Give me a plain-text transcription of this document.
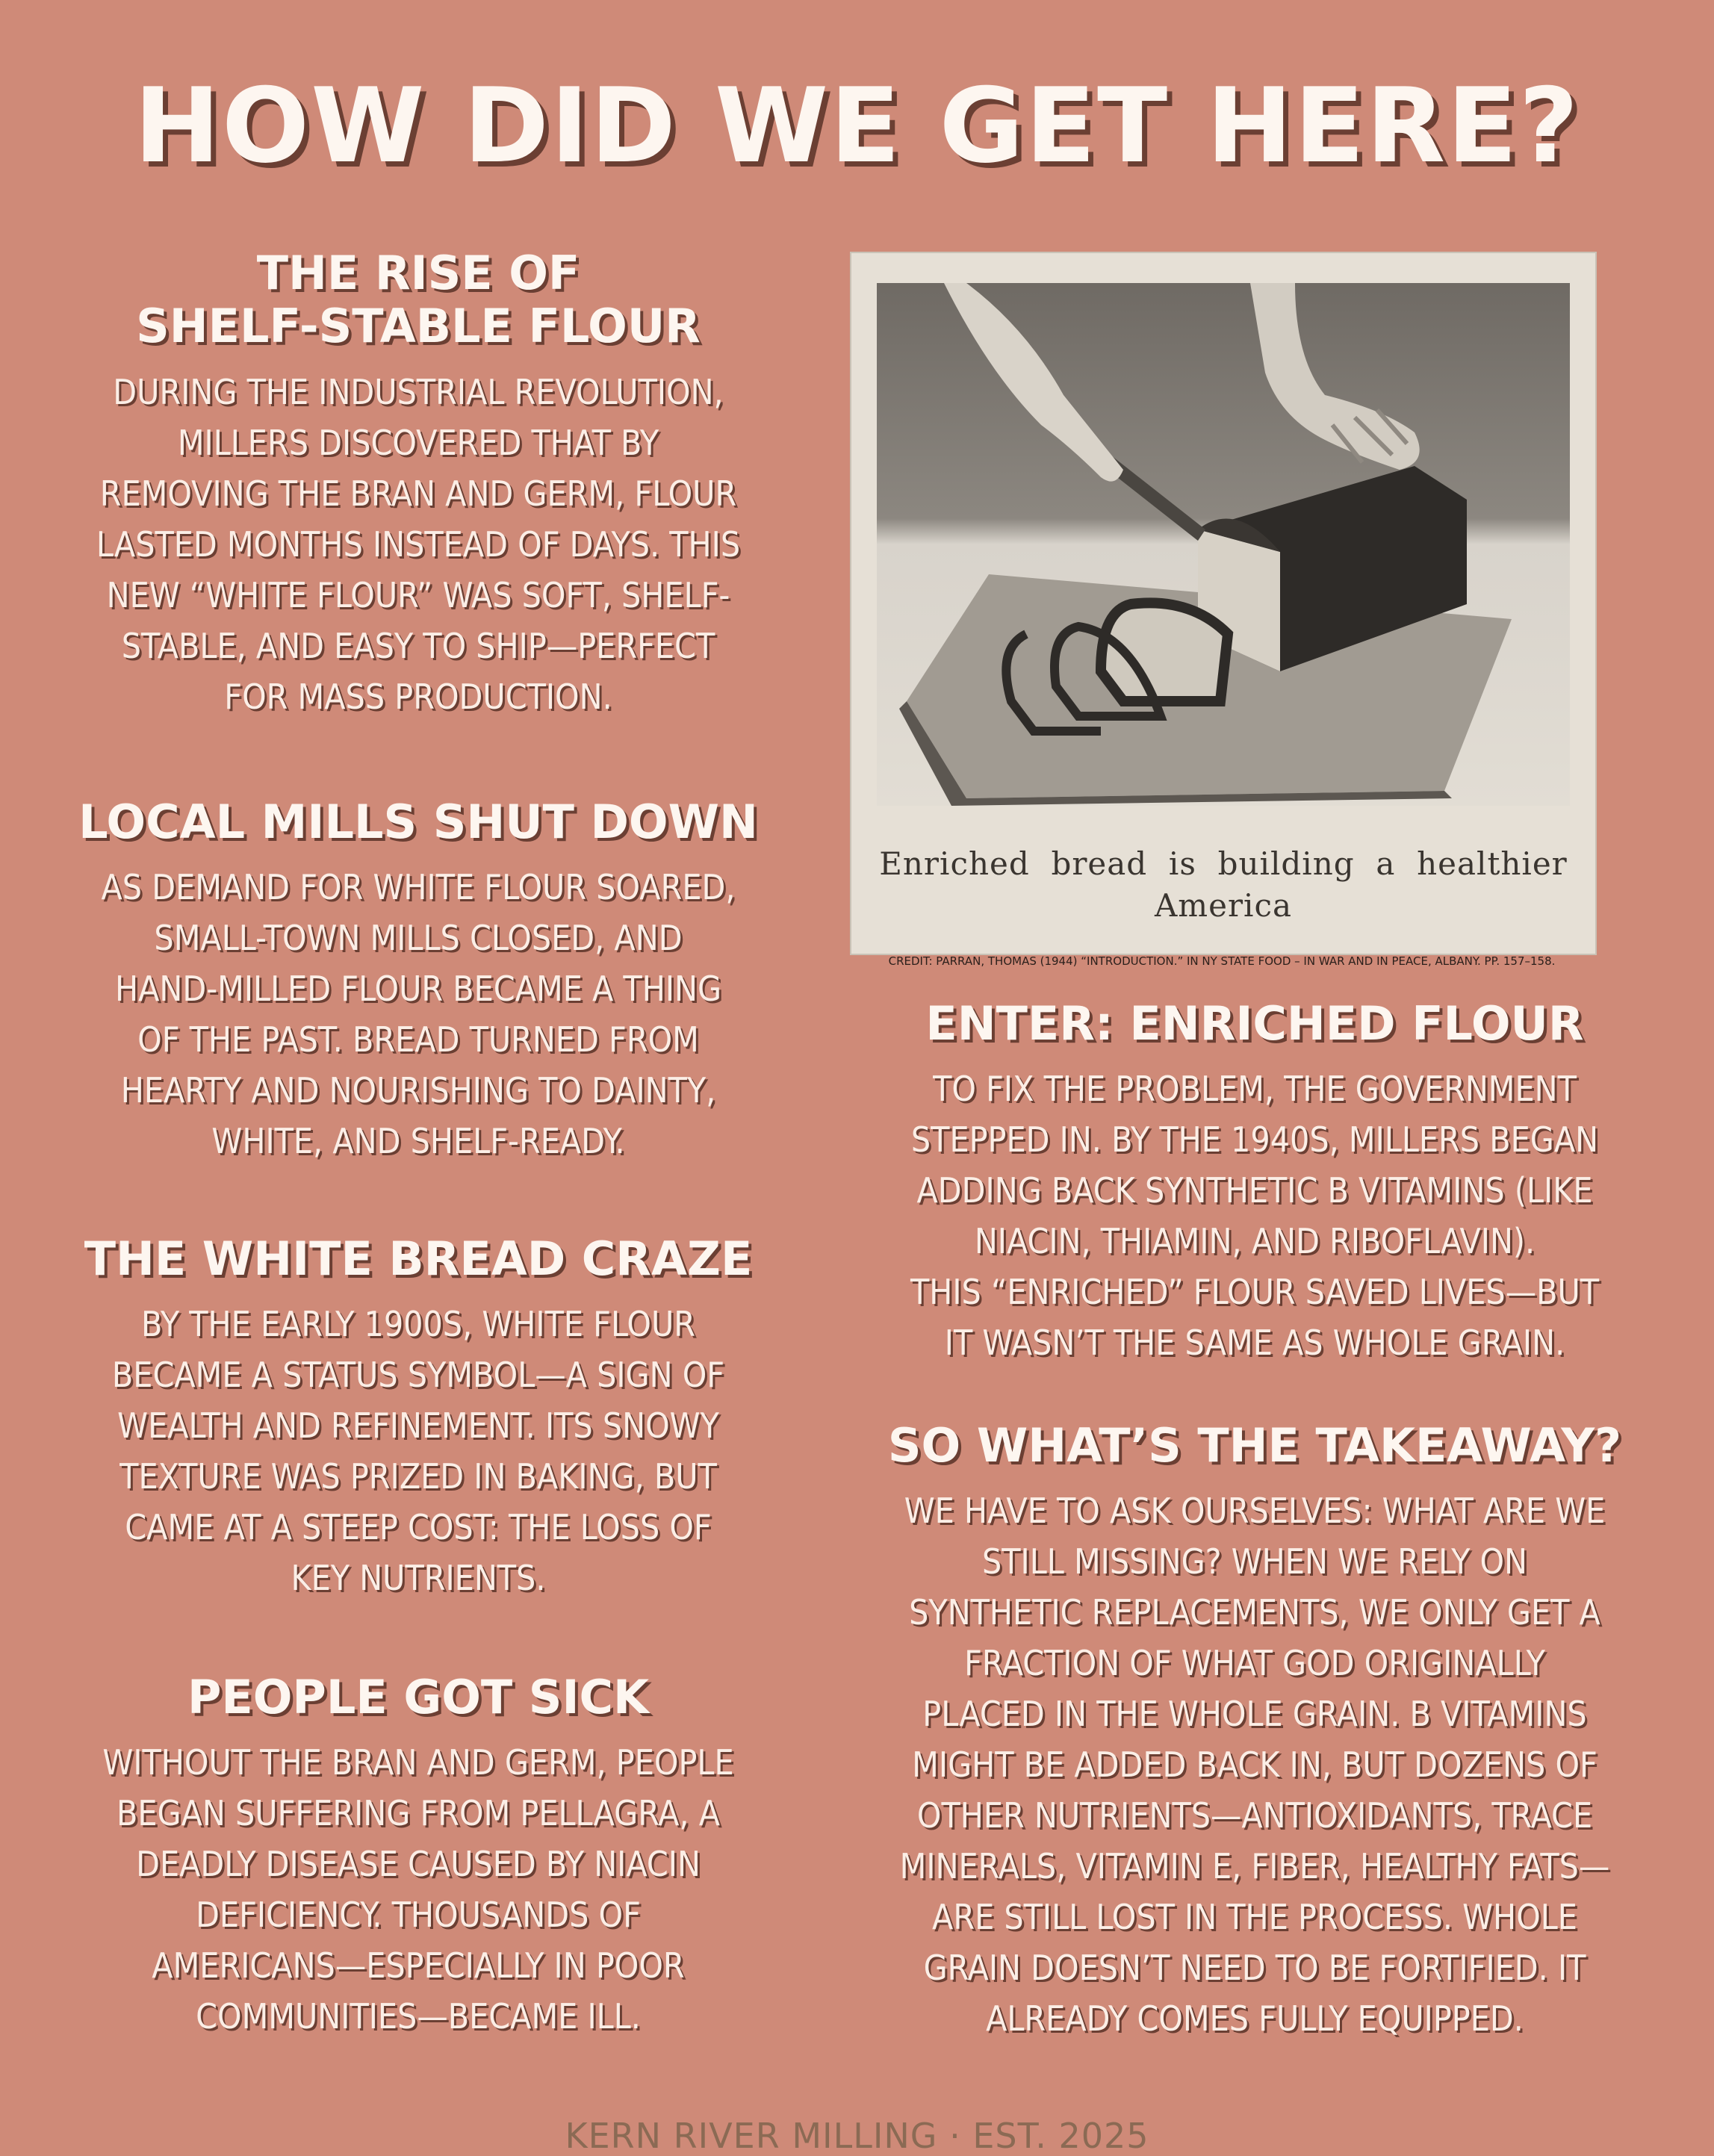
HOW DID WE GET HERE?
THE RISE OF
SHELF-STABLE FLOUR
DURING THE INDUSTRIAL REVOLUTION,
MILLERS DISCOVERED THAT BY
REMOVING THE BRAN AND GERM, FLOUR
LASTED MONTHS INSTEAD OF DAYS. THIS
NEW “WHITE FLOUR” WAS SOFT, SHELF-
STABLE, AND EASY TO SHIP—PERFECT
FOR MASS PRODUCTION.
LOCAL MILLS SHUT DOWN
AS DEMAND FOR WHITE FLOUR SOARED,
SMALL-TOWN MILLS CLOSED, AND
HAND-MILLED FLOUR BECAME A THING
OF THE PAST. BREAD TURNED FROM
HEARTY AND NOURISHING TO DAINTY,
WHITE, AND SHELF-READY.
THE WHITE BREAD CRAZE
BY THE EARLY 1900S, WHITE FLOUR
BECAME A STATUS SYMBOL—A SIGN OF
WEALTH AND REFINEMENT. ITS SNOWY
TEXTURE WAS PRIZED IN BAKING, BUT
CAME AT A STEEP COST: THE LOSS OF
KEY NUTRIENTS.
PEOPLE GOT SICK
WITHOUT THE BRAN AND GERM, PEOPLE
BEGAN SUFFERING FROM PELLAGRA, A
DEADLY DISEASE CAUSED BY NIACIN
DEFICIENCY. THOUSANDS OF
AMERICANS—ESPECIALLY IN POOR
COMMUNITIES—BECAME ILL.
Enriched  bread  is  building  a  healthier
America
CREDIT: PARRAN, THOMAS (1944) “INTRODUCTION.” IN NY STATE FOOD – IN WAR AND IN PEACE, ALBANY. PP. 157–158.
ENTER: ENRICHED FLOUR
TO FIX THE PROBLEM, THE GOVERNMENT
STEPPED IN. BY THE 1940S, MILLERS BEGAN
ADDING BACK SYNTHETIC B VITAMINS (LIKE
NIACIN, THIAMIN, AND RIBOFLAVIN).
THIS “ENRICHED” FLOUR SAVED LIVES—BUT
IT WASN’T THE SAME AS WHOLE GRAIN.
SO WHAT’S THE TAKEAWAY?
WE HAVE TO ASK OURSELVES: WHAT ARE WE
STILL MISSING? WHEN WE RELY ON
SYNTHETIC REPLACEMENTS, WE ONLY GET A
FRACTION OF WHAT GOD ORIGINALLY
PLACED IN THE WHOLE GRAIN. B VITAMINS
MIGHT BE ADDED BACK IN, BUT DOZENS OF
OTHER NUTRIENTS—ANTIOXIDANTS, TRACE
MINERALS, VITAMIN E, FIBER, HEALTHY FATS—
ARE STILL LOST IN THE PROCESS. WHOLE
GRAIN DOESN’T NEED TO BE FORTIFIED. IT
ALREADY COMES FULLY EQUIPPED.
KERN RIVER MILLING · EST. 2025
